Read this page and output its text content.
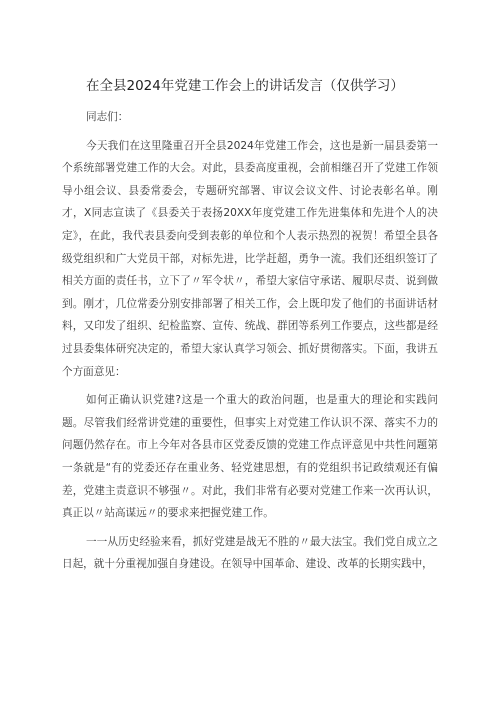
在全县2024年党建工作会上的讲话发言（仅供学习）

同志们：

今天我们在这里隆重召开全县2024年党建工作会，这也是新一届县委第一个系统部署党建工作的大会。对此，县委高度重视，会前相继召开了党建工作领导小组会议、县委常委会，专题研究部署、审议会议文件、讨论表彰名单。刚才，X同志宣读了《县委关于表扬20XX年度党建工作先进集体和先进个人的决定》，在此，我代表县委向受到表彰的单位和个人表示热烈的祝贺！希望全县各级党组织和广大党员干部，对标先进，比学赶超，勇争一流。我们还组织签订了相关方面的责任书，立下了〃军令状〃，希望大家信守承诺、履职尽责、说到做到。刚才，几位常委分别安排部署了相关工作，会上既印发了他们的书面讲话材料，又印发了组织、纪检监察、宣传、统战、群团等系列工作要点，这些都是经过县委集体研究决定的，希望大家认真学习领会、抓好贯彻落实。下面，我讲五个方面意见：

如何正确认识党建?这是一个重大的政治问题，也是重大的理论和实践问题。尽管我们经常讲党建的重要性，但事实上对党建工作认识不深、落实不力的问题仍然存在。市上今年对各县市区党委反馈的党建工作点评意见中共性问题第一条就是“有的党委还存在重业务、轻党建思想，有的党组织书记政绩观还有偏差，党建主责意识不够强〃。对此，我们非常有必要对党建工作来一次再认识，真正以〃站高谋远〃的要求来把握党建工作。

一一从历史经验来看，抓好党建是战无不胜的〃最大法宝。我们党自成立之日起，就十分重视加强自身建设。在领导中国革命、建设、改革的长期实践中，
